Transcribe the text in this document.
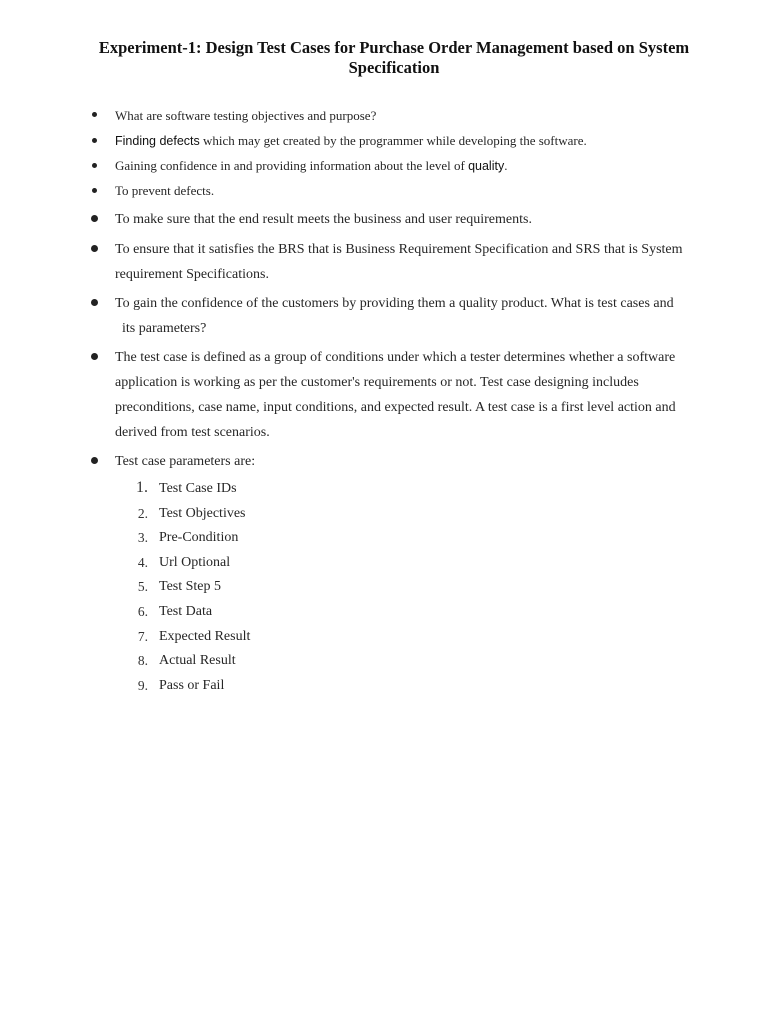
Experiment-1: Design Test Cases for Purchase Order Management based on System
Specification
What are software testing objectives and purpose?
Finding defects which may get created by the programmer while developing the software.
Gaining confidence in and providing information about the level of quality.
To prevent defects.
To make sure that the end result meets the business and user requirements.
To ensure that it satisfies the BRS that is Business Requirement Specification and SRS that is System
requirement Specifications.
To gain the confidence of the customers by providing them a quality product. What is test cases and
its parameters?
The test case is defined as a group of conditions under which a tester determines whether a software
application is working as per the customer's requirements or not. Test case designing includes
preconditions, case name, input conditions, and expected result. A test case is a first level action and
derived from test scenarios.
Test case parameters are:
1. Test Case IDs
2. Test Objectives
3. Pre-Condition
4. Url Optional
5. Test Step 5
6. Test Data
7. Expected Result
8. Actual Result
9. Pass or Fail
